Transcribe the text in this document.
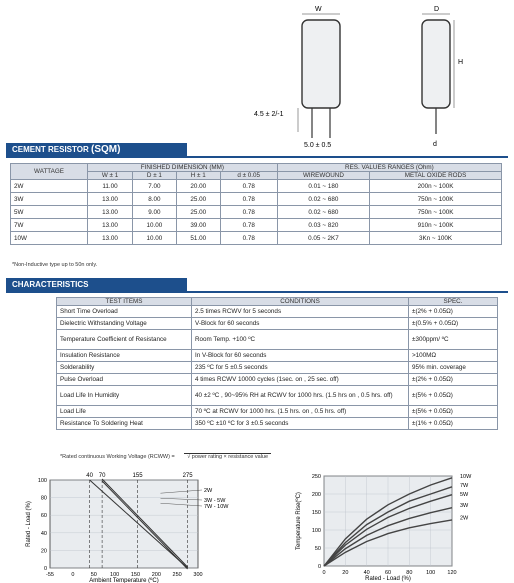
W
4.5 ± 2/-1
5.0 ± 0.5
D
H
d
CEMENT RESISTOR (SQM)
WATTAGE	FINISHED DIMENSION (MM)				RES. VALUES RANGES (Ohm)	
	W ± 1	D ± 1	H ± 1	d ± 0.05	WIREWOUND	METAL OXIDE RODS
2W	11.00	7.00	20.00	0.78	0.01 ~ 180	200n ~ 100K
3W	13.00	8.00	25.00	0.78	0.02 ~ 680	750n ~ 100K
5W	13.00	9.00	25.00	0.78	0.02 ~ 680	750n ~ 100K
7W	13.00	10.00	39.00	0.78	0.03 ~ 820	910n ~ 100K
10W	13.00	10.00	51.00	0.78	0.05 ~ 2K7	3Kn ~ 100K
*Non-Inductive type up to 50n only.
CHARACTERISTICS
TEST ITEMS	CONDITIONS	SPEC.
Short Time Overload	2.5 times RCWV for 5 seconds	±(2% + 0.05Ω)
Dielectric Withstanding Voltage	V-Block for 60 seconds	±(0.5% + 0.05Ω)
Temperature Coefficient of Resistance	Room Temp. +100 ºC	±300ppm/ ºC
Insulation Resistance	In V-Block for 60 seconds	>100MΩ
Solderability	235 ºC for 5 ±0.5 seconds	95% min. coverage
Pulse Overload	4 times RCWV 10000 cycles (1sec. on , 25 sec. off)	±(2% + 0.05Ω)
Load Life In Humidity	40 ±2 ºC , 90~95% RH at RCWV for 1000 hrs. (1.5 hrs on , 0.5 hrs. off)	±(5% + 0.05Ω)
Load Life	70 ºC at RCWV for 1000 hrs. (1.5 hrs. on , 0.5 hrs. off)	±(5% + 0.05Ω)
Resistance To Soldering Heat	350 ºC ±10 ºC for 3 ±0.5 seconds	±(1% + 0.05Ω)
*Rated continuous Working Voltage (RCWW) = √ power rating × resistance value
-55	0	50 100 150 200 250 300
0
20
40
60
80
100
40 70	155	275
2W
3W - 5W
7W - 10W
Ambient Temperature (ºC)
Rated - Load (%)
0	20	40	60	80 100 120
0
50
100
150
200
250	10W
7W
5W
3W
2W
Rated - Load (%)
Temperature Rise(ºC)
